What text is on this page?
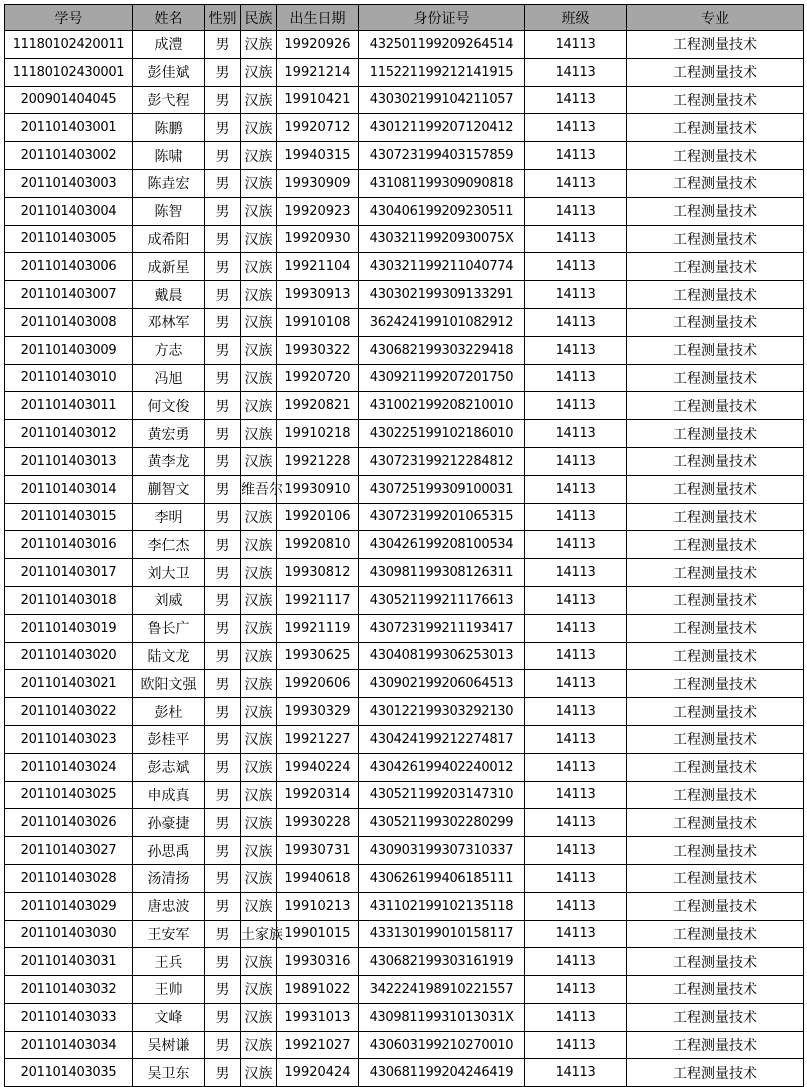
学号	姓名	性别	民族	出生日期	身份证号	班级	专业
11180102420011	成澧	男	汉族	19920926	432501199209264514	14113	工程测量技术
11180102430001	彭佳斌	男	汉族	19921214	115221199212141915	14113	工程测量技术
200901404045	彭弋程	男	汉族	19910421	430302199104211057	14113	工程测量技术
201101403001	陈鹏	男	汉族	19920712	430121199207120412	14113	工程测量技术
201101403002	陈啸	男	汉族	19940315	430723199403157859	14113	工程测量技术
201101403003	陈垚宏	男	汉族	19930909	431081199309090818	14113	工程测量技术
201101403004	陈智	男	汉族	19920923	430406199209230511	14113	工程测量技术
201101403005	成希阳	男	汉族	19920930	43032119920930075X	14113	工程测量技术
201101403006	成新星	男	汉族	19921104	430321199211040774	14113	工程测量技术
201101403007	戴晨	男	汉族	19930913	430302199309133291	14113	工程测量技术
201101403008	邓林军	男	汉族	19910108	362424199101082912	14113	工程测量技术
201101403009	方志	男	汉族	19930322	430682199303229418	14113	工程测量技术
201101403010	冯旭	男	汉族	19920720	430921199207201750	14113	工程测量技术
201101403011	何文俊	男	汉族	19920821	431002199208210010	14113	工程测量技术
201101403012	黄宏勇	男	汉族	19910218	430225199102186010	14113	工程测量技术
201101403013	黄李龙	男	汉族	19921228	430723199212284812	14113	工程测量技术
201101403014	蒯智文	男	维吾尔	19930910	430725199309100031	14113	工程测量技术
201101403015	李明	男	汉族	19920106	430723199201065315	14113	工程测量技术
201101403016	李仁杰	男	汉族	19920810	430426199208100534	14113	工程测量技术
201101403017	刘大卫	男	汉族	19930812	430981199308126311	14113	工程测量技术
201101403018	刘威	男	汉族	19921117	430521199211176613	14113	工程测量技术
201101403019	鲁长广	男	汉族	19921119	430723199211193417	14113	工程测量技术
201101403020	陆文龙	男	汉族	19930625	430408199306253013	14113	工程测量技术
201101403021	欧阳文强	男	汉族	19920606	430902199206064513	14113	工程测量技术
201101403022	彭杜	男	汉族	19930329	430122199303292130	14113	工程测量技术
201101403023	彭桂平	男	汉族	19921227	430424199212274817	14113	工程测量技术
201101403024	彭志斌	男	汉族	19940224	430426199402240012	14113	工程测量技术
201101403025	申成真	男	汉族	19920314	430521199203147310	14113	工程测量技术
201101403026	孙豪捷	男	汉族	19930228	430521199302280299	14113	工程测量技术
201101403027	孙思禹	男	汉族	19930731	430903199307310337	14113	工程测量技术
201101403028	汤清扬	男	汉族	19940618	430626199406185111	14113	工程测量技术
201101403029	唐忠波	男	汉族	19910213	431102199102135118	14113	工程测量技术
201101403030	王安军	男	土家族	19901015	433130199010158117	14113	工程测量技术
201101403031	王兵	男	汉族	19930316	430682199303161919	14113	工程测量技术
201101403032	王帅	男	汉族	19891022	342224198910221557	14113	工程测量技术
201101403033	文峰	男	汉族	19931013	43098119931013031X	14113	工程测量技术
201101403034	吴树谦	男	汉族	19921027	430603199210270010	14113	工程测量技术
201101403035	吴卫东	男	汉族	19920424	430681199204246419	14113	工程测量技术
